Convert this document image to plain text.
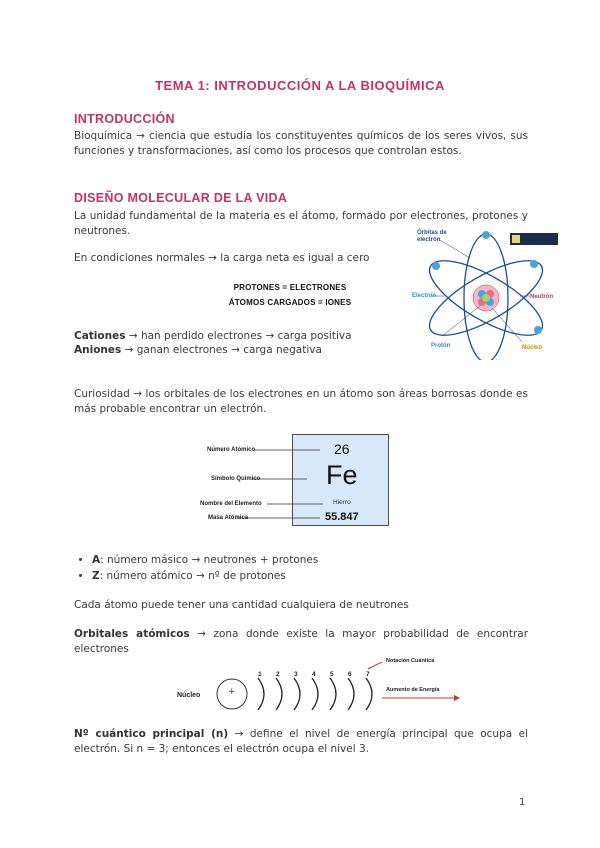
TEMA 1: INTRODUCCIÓN A LA BIOQUÍMICA
INTRODUCCIÓN
Bioquímica → ciencia que estudia los constituyentes químicos de los seres vivos, sus funciones y transformaciones, así como los procesos que controlan estos.
DISEÑO MOLECULAR DE LA VIDA
La unidad fundamental de la materia es el átomo, formado por electrones, protones y neutrones.
En condiciones normales → la carga neta es igual a cero
PROTONES = ELECTRONES
ÁTOMOS CARGADOS = IONES
Cationes → han perdido electrones → carga positiva
Aniones → ganan electrones → carga negativa
Órbitas de electrón
Electrón	Neutrón
Protón	Núcleo
Curiosidad → los orbitales de los electrones en un átomo son áreas borrosas donde es más probable encontrar un electrón.
Número Atómico
Símbolo Químico
Nombre del Elemento
Masa Atómica
26
Fe
Hierro
55.847
• A: número másico → neutrones + protones
• Z: número atómico → nº de protones
Cada átomo puede tener una cantidad cualquiera de neutrones
Orbitales atómicos → zona donde existe la mayor probabilidad de encontrar electrones
Núcleo	+
1 2 3 4 5 6 7
Notación Cuántica
Aumento de Energía
Nº cuántico principal (n) → define el nivel de energía principal que ocupa el electrón. Si n = 3; entonces el electrón ocupa el nivel 3.
1
